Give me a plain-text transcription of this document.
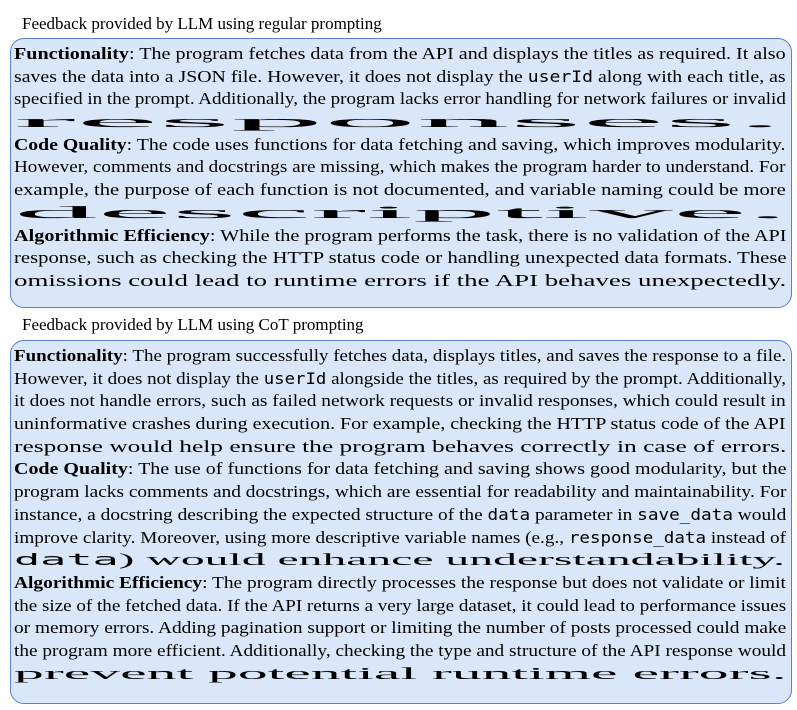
Feedback provided by LLM using regular prompting
Functionality: The program fetches data from the API and displays the titles as required. It also
saves the data into a JSON file. However, it does not display the userId along with each title, as
specified in the prompt. Additionally, the program lacks error handling for network failures or invalid
responses.
Code Quality: The code uses functions for data fetching and saving, which improves modularity.
However, comments and docstrings are missing, which makes the program harder to understand. For
example, the purpose of each function is not documented, and variable naming could be more
descriptive.
Algorithmic Efficiency: While the program performs the task, there is no validation of the API
response, such as checking the HTTP status code or handling unexpected data formats. These
omissions could lead to runtime errors if the API behaves unexpectedly.
Feedback provided by LLM using CoT prompting
Functionality: The program successfully fetches data, displays titles, and saves the response to a file.
However, it does not display the userId alongside the titles, as required by the prompt. Additionally,
it does not handle errors, such as failed network requests or invalid responses, which could result in
uninformative crashes during execution. For example, checking the HTTP status code of the API
response would help ensure the program behaves correctly in case of errors.
Code Quality: The use of functions for data fetching and saving shows good modularity, but the
program lacks comments and docstrings, which are essential for readability and maintainability. For
instance, a docstring describing the expected structure of the data parameter in save_data would
improve clarity. Moreover, using more descriptive variable names (e.g., response_data instead of
data) would enhance understandability.
Algorithmic Efficiency: The program directly processes the response but does not validate or limit
the size of the fetched data. If the API returns a very large dataset, it could lead to performance issues
or memory errors. Adding pagination support or limiting the number of posts processed could make
the program more efficient. Additionally, checking the type and structure of the API response would
prevent potential runtime errors.
